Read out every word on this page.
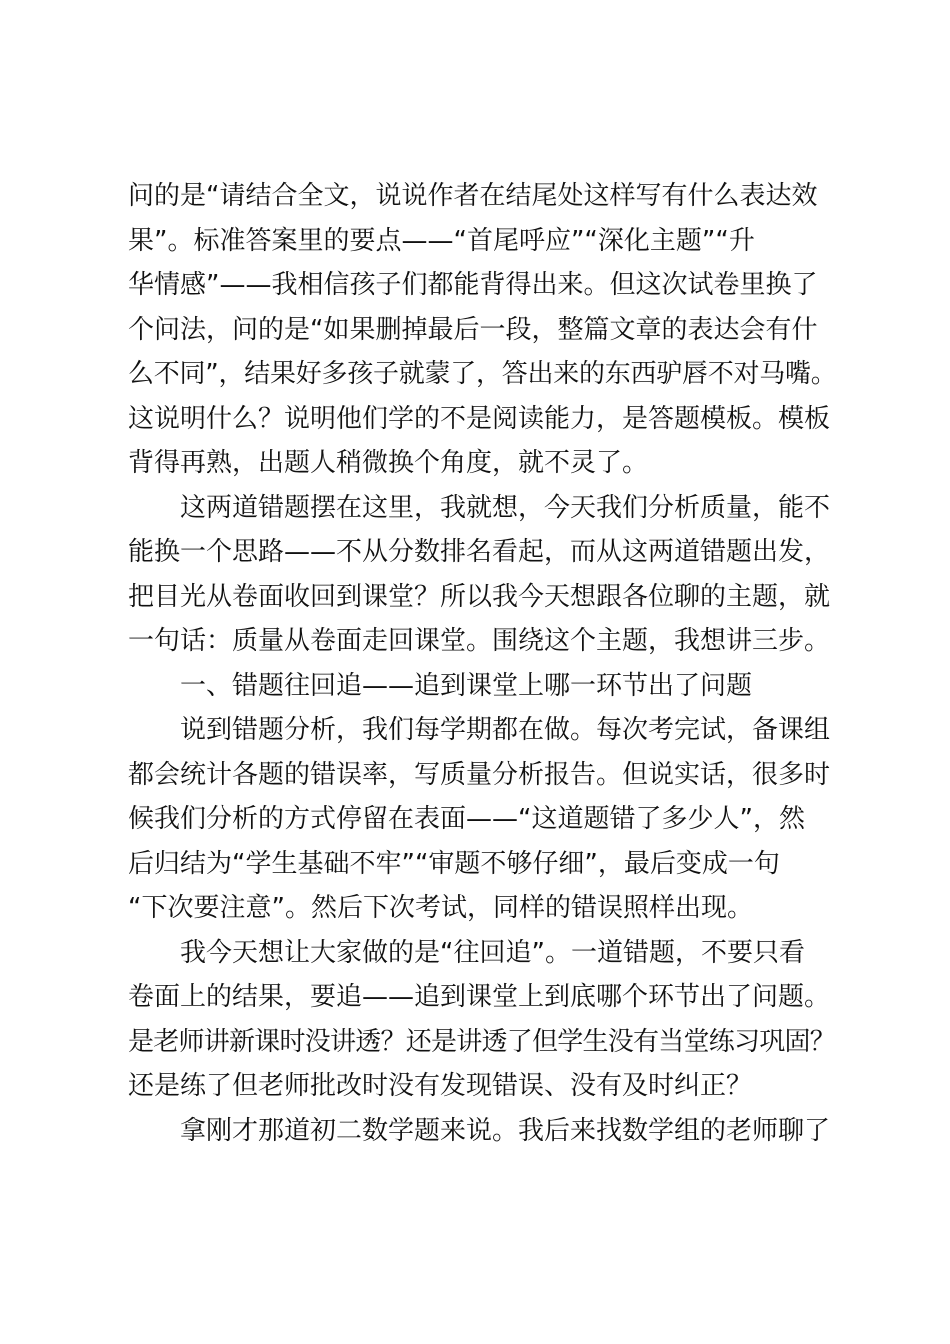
问的是“请结合全文，说说作者在结尾处这样写有什么表达效
果”。标准答案里的要点——“首尾呼应”“深化主题”“升
华情感”——我相信孩子们都能背得出来。但这次试卷里换了
个问法，问的是“如果删掉最后一段，整篇文章的表达会有什
么不同”，结果好多孩子就蒙了，答出来的东西驴唇不对马嘴。
这说明什么？说明他们学的不是阅读能力，是答题模板。模板
背得再熟，出题人稍微换个角度，就不灵了。
这两道错题摆在这里，我就想，今天我们分析质量，能不
能换一个思路——不从分数排名看起，而从这两道错题出发，
把目光从卷面收回到课堂？所以我今天想跟各位聊的主题，就
一句话：质量从卷面走回课堂。围绕这个主题，我想讲三步。
一、错题往回追——追到课堂上哪一环节出了问题
说到错题分析，我们每学期都在做。每次考完试，备课组
都会统计各题的错误率，写质量分析报告。但说实话，很多时
候我们分析的方式停留在表面——“这道题错了多少人”，然
后归结为“学生基础不牢”“审题不够仔细”，最后变成一句
“下次要注意”。然后下次考试，同样的错误照样出现。
我今天想让大家做的是“往回追”。一道错题，不要只看
卷面上的结果，要追——追到课堂上到底哪个环节出了问题。
是老师讲新课时没讲透？还是讲透了但学生没有当堂练习巩固？
还是练了但老师批改时没有发现错误、没有及时纠正？
拿刚才那道初二数学题来说。我后来找数学组的老师聊了
